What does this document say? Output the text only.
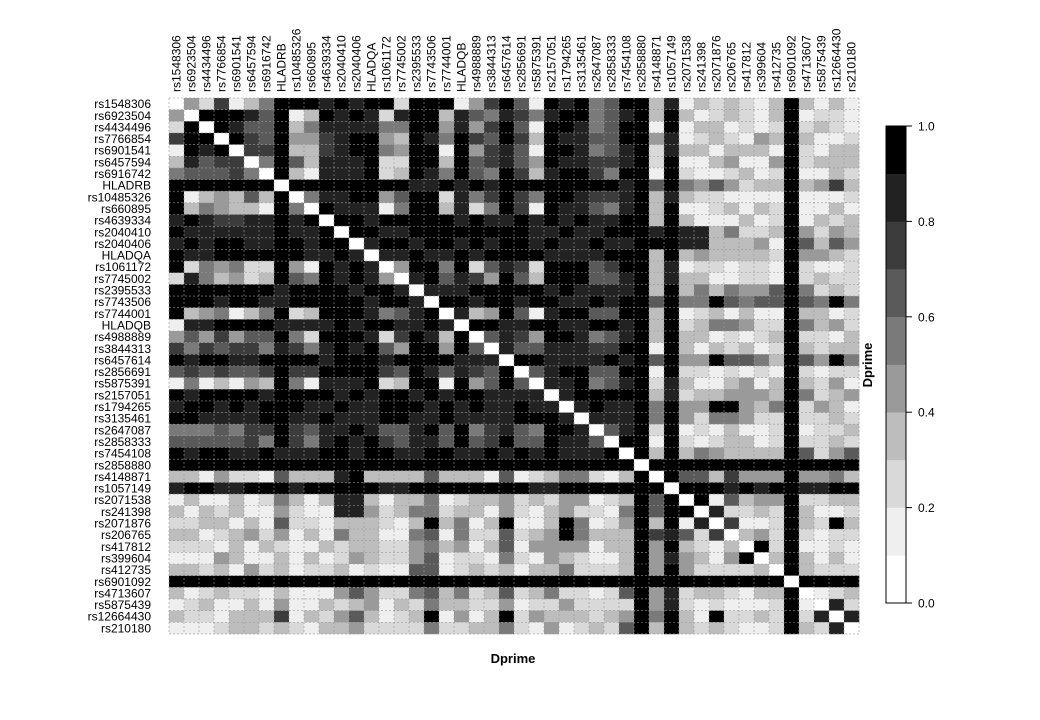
rs1548306 rs6923504 rs4434496 rs7766854 rs6901541 rs6457594 rs6916742 HLADRB rs10485326 rs660895 rs4639334 rs2040410 rs2040406 HLADQA rs1061172 rs7745002 rs2395533 rs7743506 rs7744001 HLADQB rs4988889 rs3844313 rs6457614 rs2856691 rs5875391 rs2157051 rs1794265 rs3135461 rs2647087 rs2858333 rs7454108 rs2858880 rs4148871 rs1057149 rs2071538 rs241398 rs2071876 rs206765 rs417812 rs399604 rs412735 rs6901092 rs4713607 rs5875439 rs12664430 rs210180
rs1548306
rs6923504
rs4434496
rs7766854
rs6901541
rs6457594
rs6916742
HLADRB
rs10485326
rs660895
rs4639334
rs2040410
rs2040406
HLADQA
rs1061172
rs7745002
rs2395533
rs7743506
rs7744001
HLADQB
rs4988889
rs3844313
rs6457614
rs2856691
rs5875391
rs2157051
rs1794265
rs3135461
rs2647087
rs2858333
rs7454108
rs2858880
rs4148871
rs1057149
rs2071538
rs241398
rs2071876
rs206765
rs417812
rs399604
rs412735
rs6901092
rs4713607
rs5875439
rs12664430
rs210180
Dprime
0.0
0.2
0.4
0.6
0.8
1.0
Dprime
